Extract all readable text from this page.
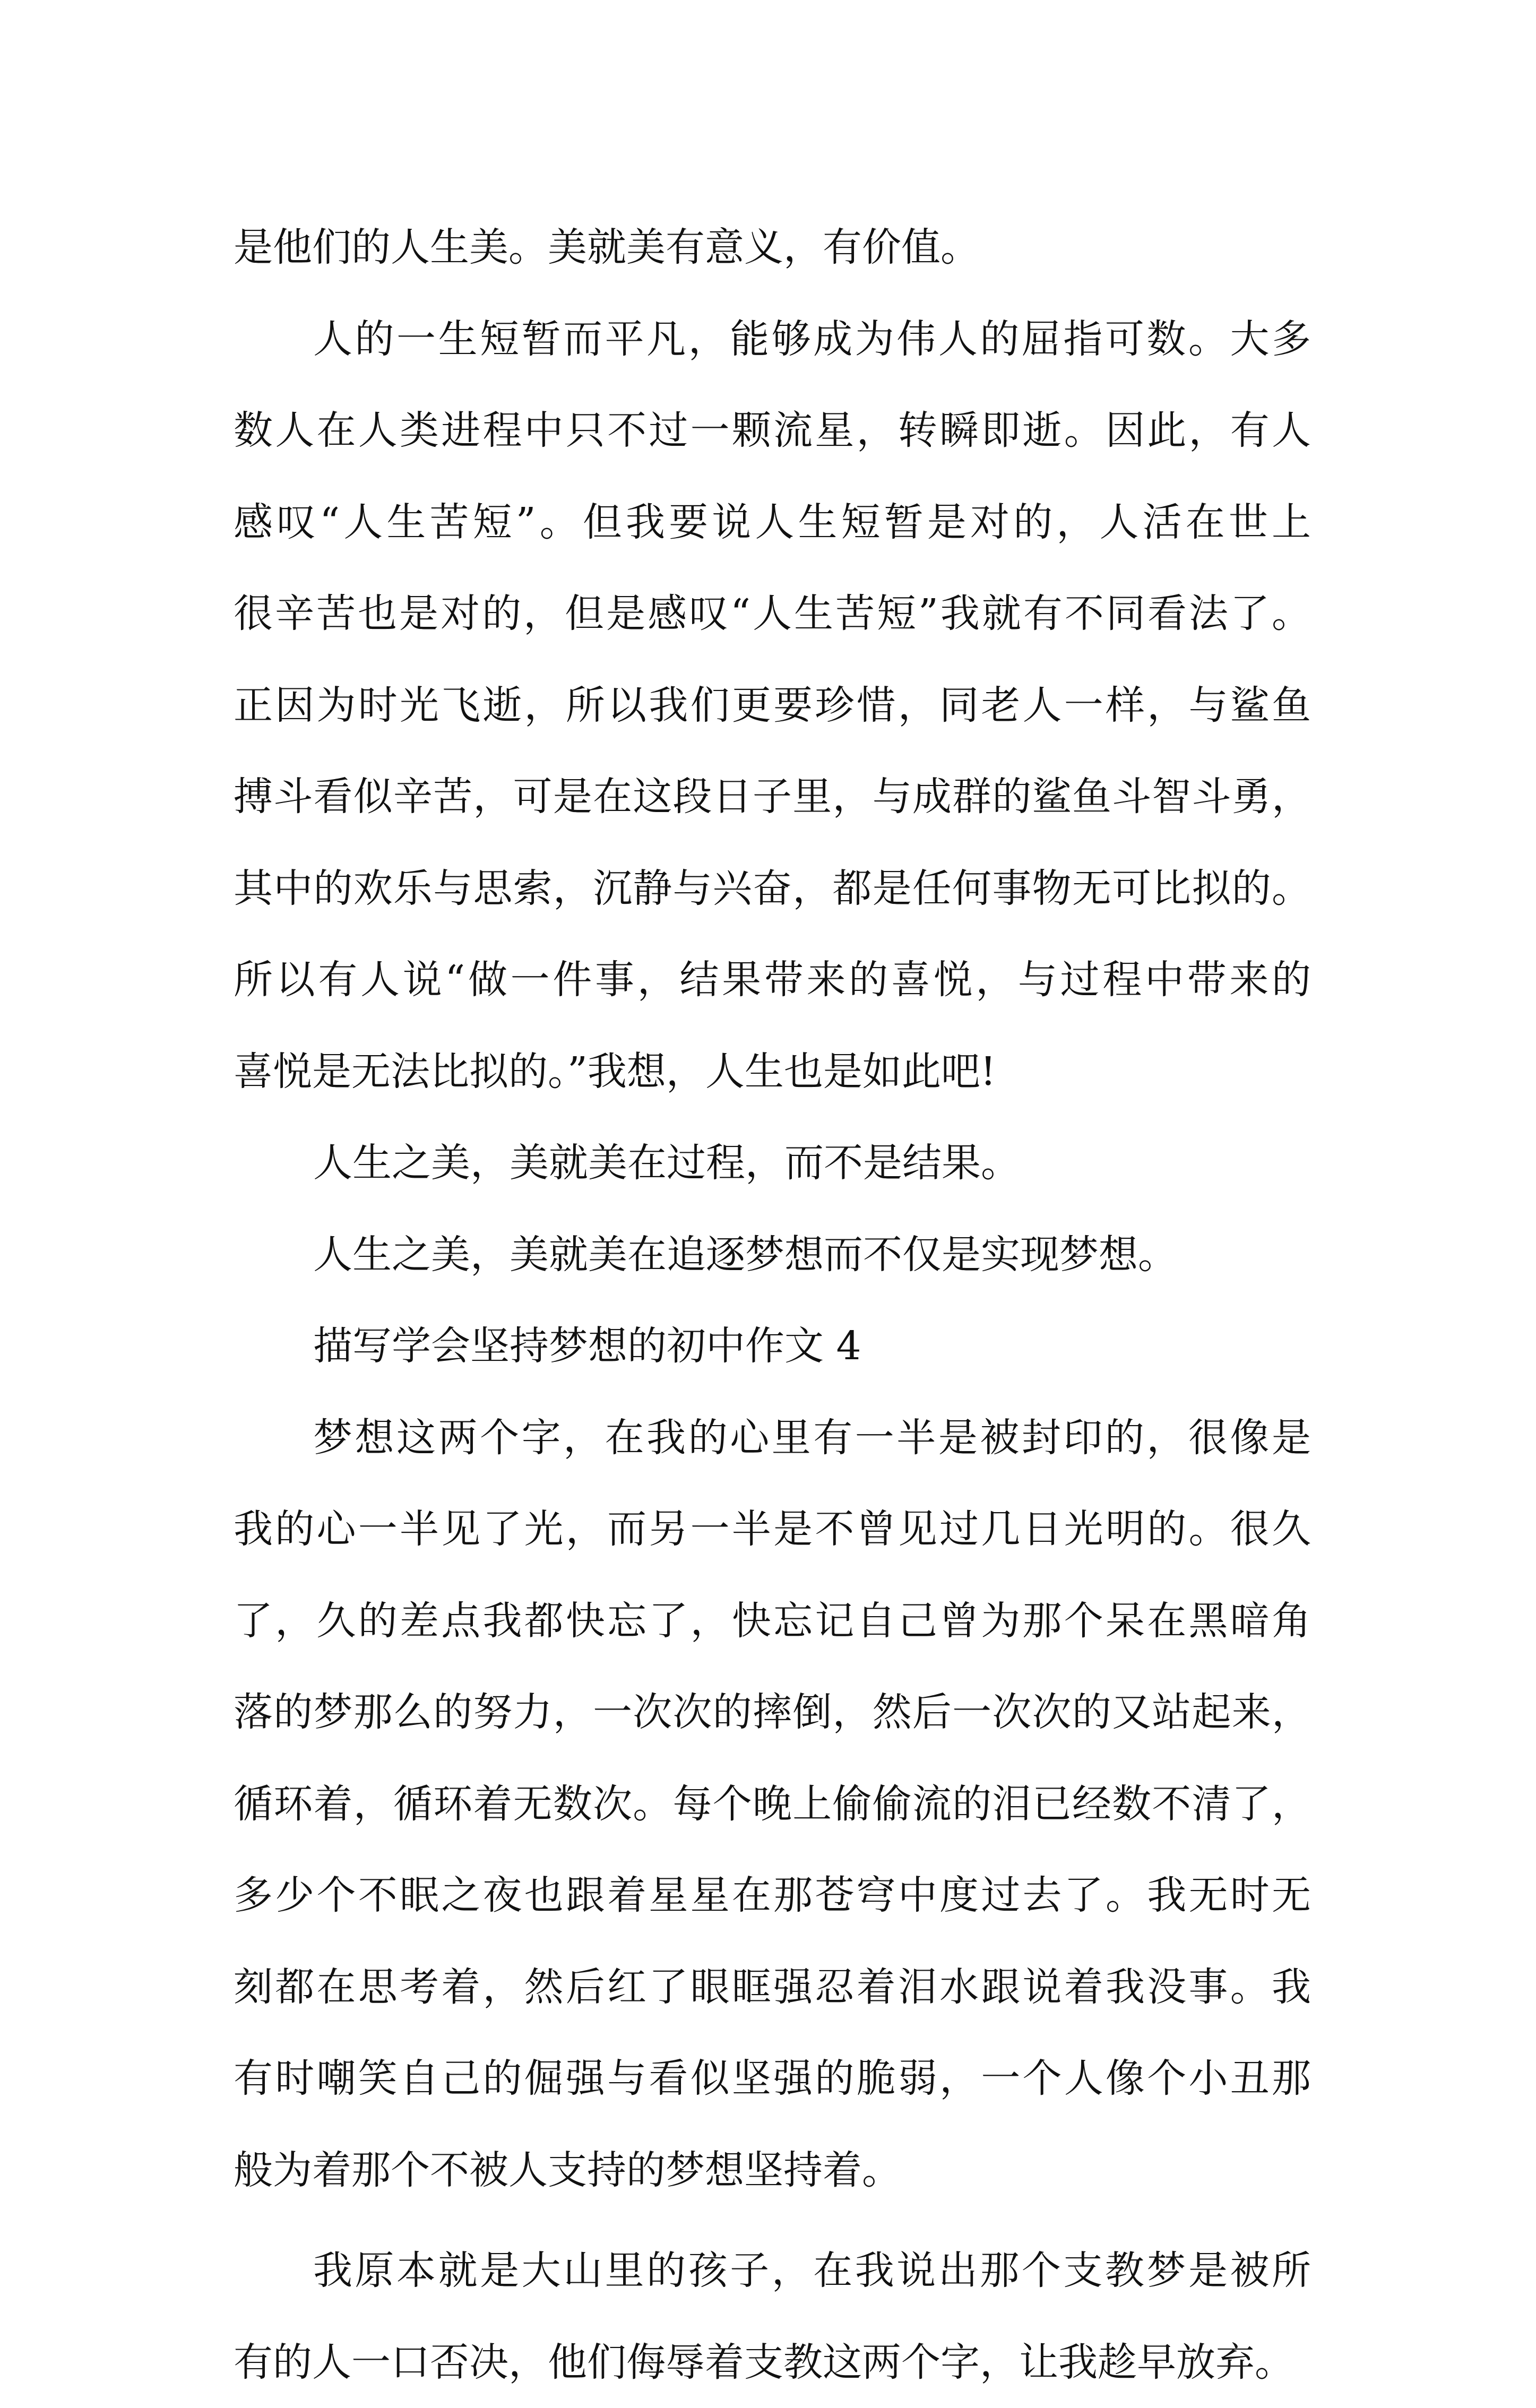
是他们的人生美。美就美有意义，有价值。
人的一生短暂而平凡，能够成为伟人的屈指可数。大多
数人在人类进程中只不过一颗流星，转瞬即逝。因此，有人
感叹“人生苦短”。但我要说人生短暂是对的，人活在世上
很辛苦也是对的，但是感叹“人生苦短”我就有不同看法了。
正因为时光飞逝，所以我们更要珍惜，同老人一样，与鲨鱼
搏斗看似辛苦，可是在这段日子里，与成群的鲨鱼斗智斗勇，
其中的欢乐与思索，沉静与兴奋，都是任何事物无可比拟的。
所以有人说“做一件事，结果带来的喜悦，与过程中带来的
喜悦是无法比拟的。”我想，人生也是如此吧!
人生之美，美就美在过程，而不是结果。
人生之美，美就美在追逐梦想而不仅是实现梦想。
描写学会坚持梦想的初中作文 4
梦想这两个字，在我的心里有一半是被封印的，很像是
我的心一半见了光，而另一半是不曾见过几日光明的。很久
了，久的差点我都快忘了，快忘记自己曾为那个呆在黑暗角
落的梦那么的努力，一次次的摔倒，然后一次次的又站起来，
循环着，循环着无数次。每个晚上偷偷流的泪已经数不清了，
多少个不眠之夜也跟着星星在那苍穹中度过去了。我无时无
刻都在思考着，然后红了眼眶强忍着泪水跟说着我没事。我
有时嘲笑自己的倔强与看似坚强的脆弱，一个人像个小丑那
般为着那个不被人支持的梦想坚持着。
我原本就是大山里的孩子，在我说出那个支教梦是被所
有的人一口否决，他们侮辱着支教这两个字，让我趁早放弃。
